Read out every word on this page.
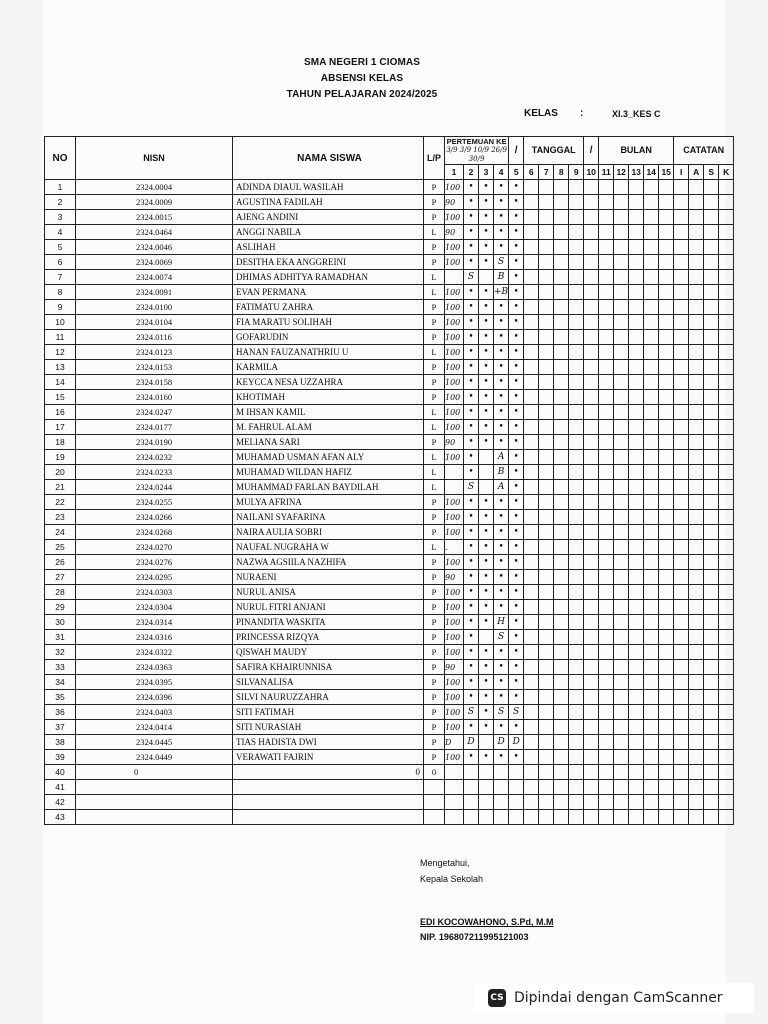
SMA NEGERI 1 CIOMAS
ABSENSI KELAS
TAHUN PELAJARAN 2024/2025
KELAS :	XI.3_KES C
NO	NISN	NAMA SISWA	L/P	PERTEMUAN KE
3/9 3/9 10/9 26/9 30/9				/	TANGGAL				/	BULAN					CATATAN			
				1	2	3	4	5	6	7	8	9	10	11	12	13	14	15	I	A	S	K
1	2324.0004	ADINDA DIAUL WASILAH	P	100	•	•	•	•														
2	2324.0009	AGUSTINA FADILAH	P	90	•	•	•	•														
3	2324.0015	AJENG ANDINI	P	100	•	•	•	•														
4	2324.0464	ANGGI NABILA	L	90	•	•	•	•														
5	2324.0046	ASLIHAH	P	100	•	•	•	•														
6	2324.0069	DESITHA EKA ANGGREINI	P	100	•	•	S	•														
7	2324.0074	DHIMAS ADHITYA RAMADHAN	L		S		B	•														
8	2324.0091	EVAN PERMANA	L	100	•	•	+B	•														
9	2324.0100	FATIMATU ZAHRA	P	100	•	•	•	•														
10	2324.0104	FIA MARATU SOLIHAH	P	100	•	•	•	•														
11	2324.0116	GOFARUDIN	P	100	•	•	•	•														
12	2324.0123	HANAN FAUZANATHRIU U	L	100	•	•	•	•														
13	2324.0153	KARMILA	P	100	•	•	•	•														
14	2324.0158	KEYCCA NESA UZZAHRA	P	100	•	•	•	•														
15	2324.0160	KHOTIMAH	P	100	•	•	•	•														
16	2324.0247	M IHSAN KAMIL	L	100	•	•	•	•														
17	2324.0177	M. FAHRUL ALAM	L	100	•	•	•	•														
18	2324.0190	MELIANA SARI	P	90	•	•	•	•														
19	2324.0232	MUHAMAD USMAN AFAN ALY	L	100	•		A	•														
20	2324.0233	MUHAMAD WILDAN HAFIZ	L		•		B	•														
21	2324.0244	MUHAMMAD FARLAN BAYDILAH	L		S		A	•														
22	2324.0255	MULYA AFRINA	P	100	•	•	•	•														
23	2324.0266	NAILANI SYAFARINA	P	100	•	•	•	•														
24	2324.0268	NAIRA AULIA SOBRI	P	100	•	•	•	•														
25	2324.0270	NAUFAL NUGRAHA W	L	.	•	•	•	•														
26	2324.0276	NAZWA AGSIILA NAZHIFA	P	100	•	•	•	•														
27	2324.0295	NURAENI	P	90	•	•	•	•														
28	2324.0303	NURUL ANISA	P	100	•	•	•	•														
29	2324.0304	NURUL FITRI ANJANI	P	100	•	•	•	•														
30	2324.0314	PINANDITA WASKITA	P	100	•	•	H	•														
31	2324.0316	PRINCESSA RIZQYA	P	100	•		S	•														
32	2324.0322	QISWAH MAUDY	P	100	•	•	•	•														
33	2324.0363	SAFIRA KHAIRUNNISA	P	90	•	•	•	•														
34	2324.0395	SILVANALISA	P	100	•	•	•	•														
35	2324.0396	SILVI NAURUZZAHRA	P	100	•	•	•	•														
36	2324.0403	SITI FATIMAH	P	100	S	•	S	S														
37	2324.0414	SITI NURASIAH	P	100	•	•	•	•														
38	2324.0445	TIAS HADISTA DWI	P	D	D		D	D														
39	2324.0449	VERAWATI FAJRIN	P	100	•	•	•	•														
40	0	0	0																			
41																						
42																						
43																						
Mengetahui,
Kepala Sekolah
EDI KOCOWAHONO, S.Pd, M.M
NIP. 196807211995121003
CS Dipindai dengan CamScanner
